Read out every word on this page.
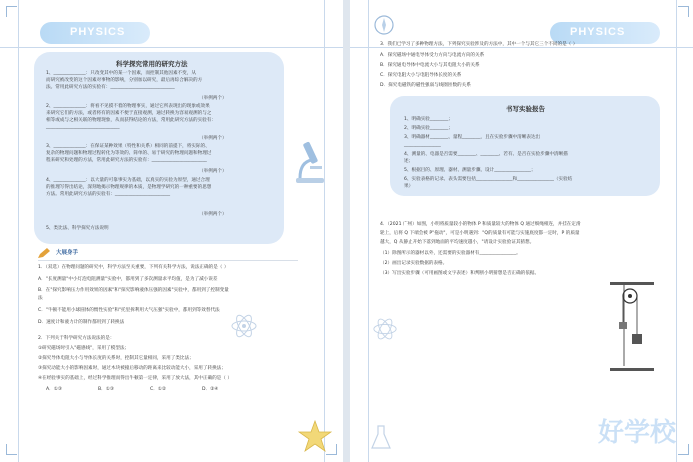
PHYSICS
科学探究常用的研究方法
1、______________：只改变其中的某一个因素，而控制其他因素不变，从
而研究被改变的这个因素对事物的影响，分别加以研究，最后再综合解决的方
法。常用此研究方法的实验有：____________________________
（举例两个）
2、______________：将看不见摸不着的物理事实，通过它所表现出的现象或效果
来研究它们的方法，或者将有的因素不便于直接观测，通过转换为容易观测的与之
相等或成与之相关联的物理现象，从而获得结论的方法，常用此研究方法的实验有：
________________________________
（举例两个）
3、______________：在保证某种效果（特性和关系）相同的前提下，将实际的、
复杂的物理问题和物理过程转化为等效的、简单的、易于研究的物理问题和物理过
程来研究和处理的方法，常用此研究方法的实验有：________________________
（举例两个）
4、______________：以大量的可靠事实为基础，以真实的实验为原型，通过合理
的推理写得出结论，深刻地揭示物理规律的本质，是物理学研究的一种重要的思想
方法。常用此研究方法的实验有：________________________
（举例两个）
5、类比法、科学探究方法说明
大展身手
1．（双选）在物理问题的研究中，科学方法至关重要，下列有关科学方法，说法正确的是（ ）
A．"长度测量"中小灯泡电阻测量"实验中，都用到了多次测量求平均值，是为了减小误差
B．在"探究影响压力作用效果的因素"和"探究影响液体压强的因素"实验中，都用到了控制变量
法
C．"牛顿不能用小球圆体的惯性实验"和"托里拆利用大气压强"实验中，都用到等效替代法
D．速度计和液力计的制作都用到了转换法
2．下列关于科学研究方法说法的是：
①研究磁场时引入"磁感线"，采用了模型法；
②探究导体电阻大小与导体长度的关系时，控制其它量相同，采用了类比法；
③探究动能大小的影响因素时，通过木块被撞后移动的距离来比较动能大小，采用了转换法；
④在经验事实的基础上，经过科学推理而得出牛顿第一定律，采用了放大法，其中正确的是（ ）
A．①③	B．①③	C．①②	D．②④
PHYSICS
3．我们已学习了多种物理方法，下列探究实验涉及的方法中，其中一个与其它三个不同的是（ ）
A．探究磁场中通电导体受力方向与电流方向的关系
B．探究通电导体中电流大小与其电阻大小的关系
C．探究电阻大小与电阻导体长度的关系
D．探究电磁铁的磁性强弱与线圈匝数的关系
书写实验报告
1、明确实验________；
2、明确实验________；
3、明确器材________、量程________，且在实验步骤中清晰表达出
________________
4、测量的、电器是否需要________、________、若有、是否在实验步骤中清晰描
述；
5、根据目的、原理、器材、测量步骤、设计________________；
6、实验表格的记录、表头需要包括________________和________________（实验结
果）
4．（2021 广州）如图，小明将质量较小的物体 P 和质量较大的物体 Q 通过细绳相连，并挂在定滑
轮上，后将 Q 下端会被 P"拖动"，可是小明遇到："Q的质量有可能与实施底度都一定时，P 的质量
越大，Q 从静止开始下落到地面的平均速度越小，"请设计实验验证其猜想。
（1）除图所示的器材以外，还需要的实验器材有________________。
（2）画出记录实验数据的表格。
（3）写出实验步骤（可用画图或文字表述）和判断小明猜想是否正确的依据。
好学校
